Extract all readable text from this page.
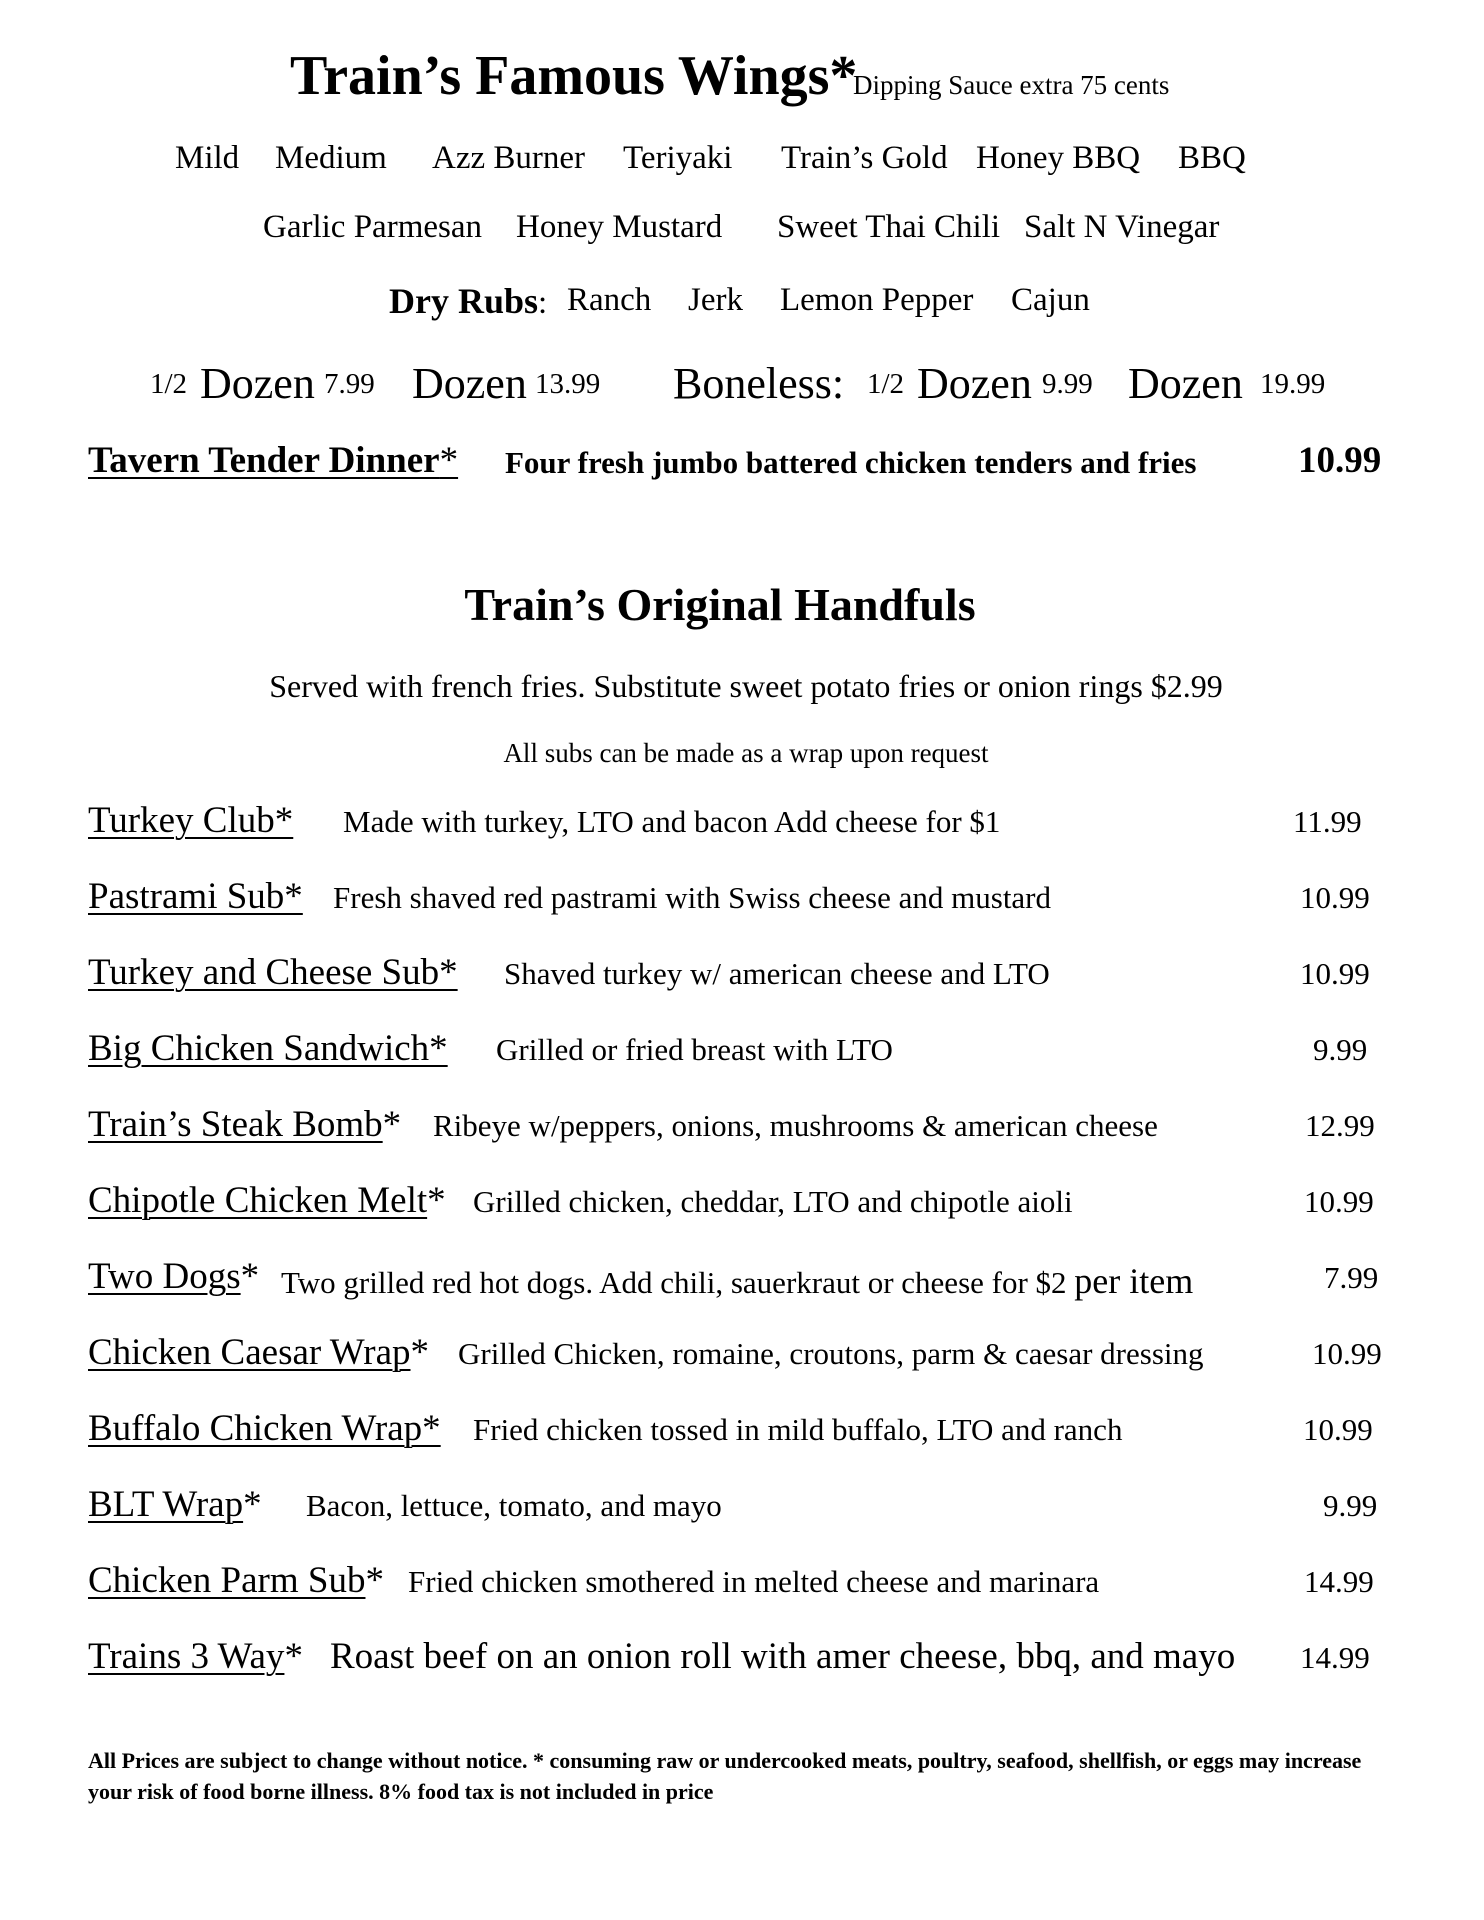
Train’s Famous Wings*
Dipping Sauce extra 75 cents
Mild Medium Azz Burner Teriyaki Train’s Gold Honey BBQ BBQ
Garlic Parmesan Honey Mustard Sweet Thai Chili Salt N Vinegar
Dry Rubs: Ranch Jerk Lemon Pepper Cajun
1/2 Dozen 7.99 Dozen 13.99 Boneless: 1/2 Dozen 9.99 Dozen 19.99
Tavern Tender Dinner* Four fresh jumbo battered chicken tenders and fries	10.99
Train’s Original Handfuls
Served with french fries. Substitute sweet potato fries or onion rings $2.99
All subs can be made as a wrap upon request
Turkey Club* Made with turkey, LTO and bacon Add cheese for $1	11.99
Pastrami Sub* Fresh shaved red pastrami with Swiss cheese and mustard	10.99
Turkey and Cheese Sub* Shaved turkey w/ american cheese and LTO	10.99
Big Chicken Sandwich* Grilled or fried breast with LTO	9.99
Train’s Steak Bomb* Ribeye w/peppers, onions, mushrooms & american cheese	12.99
Chipotle Chicken Melt* Grilled chicken, cheddar, LTO and chipotle aioli	10.99
Two Dogs* Two grilled red hot dogs. Add chili, sauerkraut or cheese for $2 per item	7.99
Chicken Caesar Wrap* Grilled Chicken, romaine, croutons, parm & caesar dressing	10.99
Buffalo Chicken Wrap* Fried chicken tossed in mild buffalo, LTO and ranch	10.99
BLT Wrap* Bacon, lettuce, tomato, and mayo	9.99
Chicken Parm Sub* Fried chicken smothered in melted cheese and marinara	14.99
Trains 3 Way* Roast beef on an onion roll with amer cheese, bbq, and mayo 14.99
All Prices are subject to change without notice. * consuming raw or undercooked meats, poultry, seafood, shellfish, or eggs may increase your risk of food borne illness. 8% food tax is not included in price
